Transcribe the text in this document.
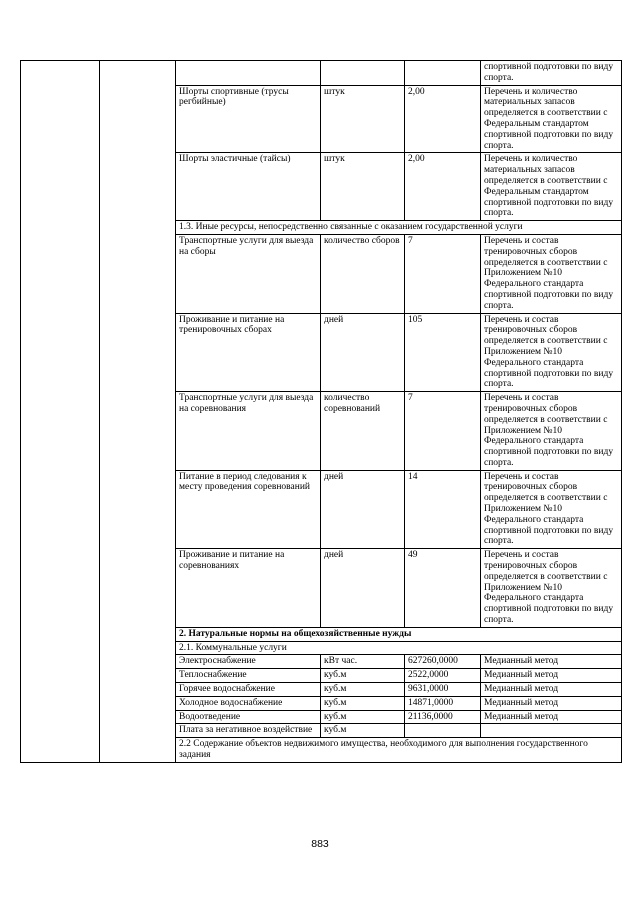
					спортивной подготовки по виду спорта.
		Шорты спортивные (трусы регбийные)	штук	2,00	Перечень и количество материальных запасов определяется в соответствии с Федеральным стандартом спортивной подготовки по виду спорта.
		Шорты эластичные (тайсы)	штук	2,00	Перечень и количество материальных запасов определяется в соответствии с Федеральным стандартом спортивной подготовки по виду спорта.
		1.3. Иные ресурсы, непосредственно связанные с оказанием государственной услуги			
		Транспортные услуги для выезда на сборы	количество сборов	7	Перечень и состав тренировочных сборов определяется в соответствии с Приложением №10 Федерального стандарта спортивной подготовки по виду спорта.
		Проживание и питание на тренировочных сборах	дней	105	Перечень и состав тренировочных сборов определяется в соответствии с Приложением №10 Федерального стандарта спортивной подготовки по виду спорта.
		Транспортные услуги для выезда на соревнования	количество соревнований	7	Перечень и состав тренировочных сборов определяется в соответствии с Приложением №10 Федерального стандарта спортивной подготовки по виду спорта.
		Питание в период следования к месту проведения соревнований	дней	14	Перечень и состав тренировочных сборов определяется в соответствии с Приложением №10 Федерального стандарта спортивной подготовки по виду спорта.
		Проживание и питание на соревнованиях	дней	49	Перечень и состав тренировочных сборов определяется в соответствии с Приложением №10 Федерального стандарта спортивной подготовки по виду спорта.
		2. Натуральные нормы на общехозяйственные нужды			
		2.1. Коммунальные услуги			
		Электроснабжение	кВт час.	627260,0000	Медианный метод
		Теплоснабжение	куб.м	2522,0000	Медианный метод
		Горячее водоснабжение	куб.м	9631,0000	Медианный метод
		Холодное водоснабжение	куб.м	14871,0000	Медианный метод
		Водоотведение	куб.м	21136,0000	Медианный метод
		Плата за негативное воздействие	куб.м		
		2.2 Содержание объектов недвижимого имущества, необходимого для выполнения государственного задания			
883
